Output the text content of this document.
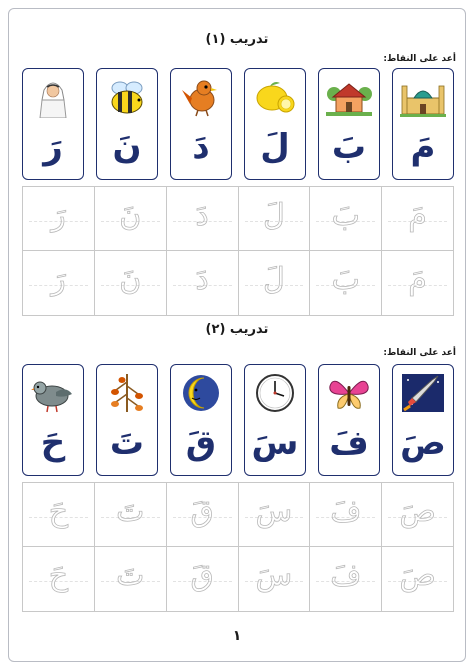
تدريب (١)
أعد على النقاط:
مَ
بَ
لَ
دَ
نَ
رَ
مَ
بَ
لَ
دَ
نَ
رَ
مَ
بَ
لَ
دَ
نَ
رَ
تدريب (٢)
أعد على النقاط:
صَ
فَ
سَ
قَ
تَ
حَ
صَ
فَ
سَ
قَ
تَ
حَ
صَ
فَ
سَ
قَ
تَ
حَ
١
